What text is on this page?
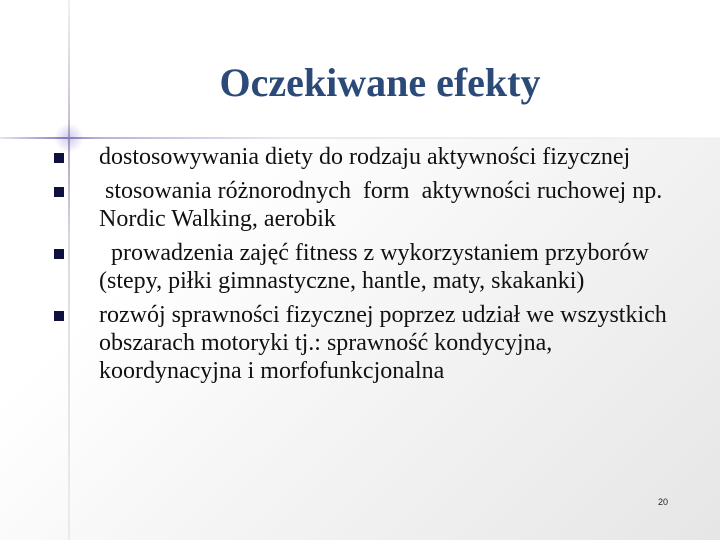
Oczekiwane efekty
dostosowywania diety do rodzaju aktywności fizycznej
stosowania różnorodnych  form  aktywności ruchowej np. Nordic Walking, aerobik
prowadzenia zajęć fitness z wykorzystaniem przyborów (stepy, piłki gimnastyczne, hantle, maty, skakanki)
rozwój sprawności fizycznej poprzez udział we wszystkich obszarach motoryki tj.: sprawność kondycyjna, koordynacyjna i morfofunkcjonalna
20
